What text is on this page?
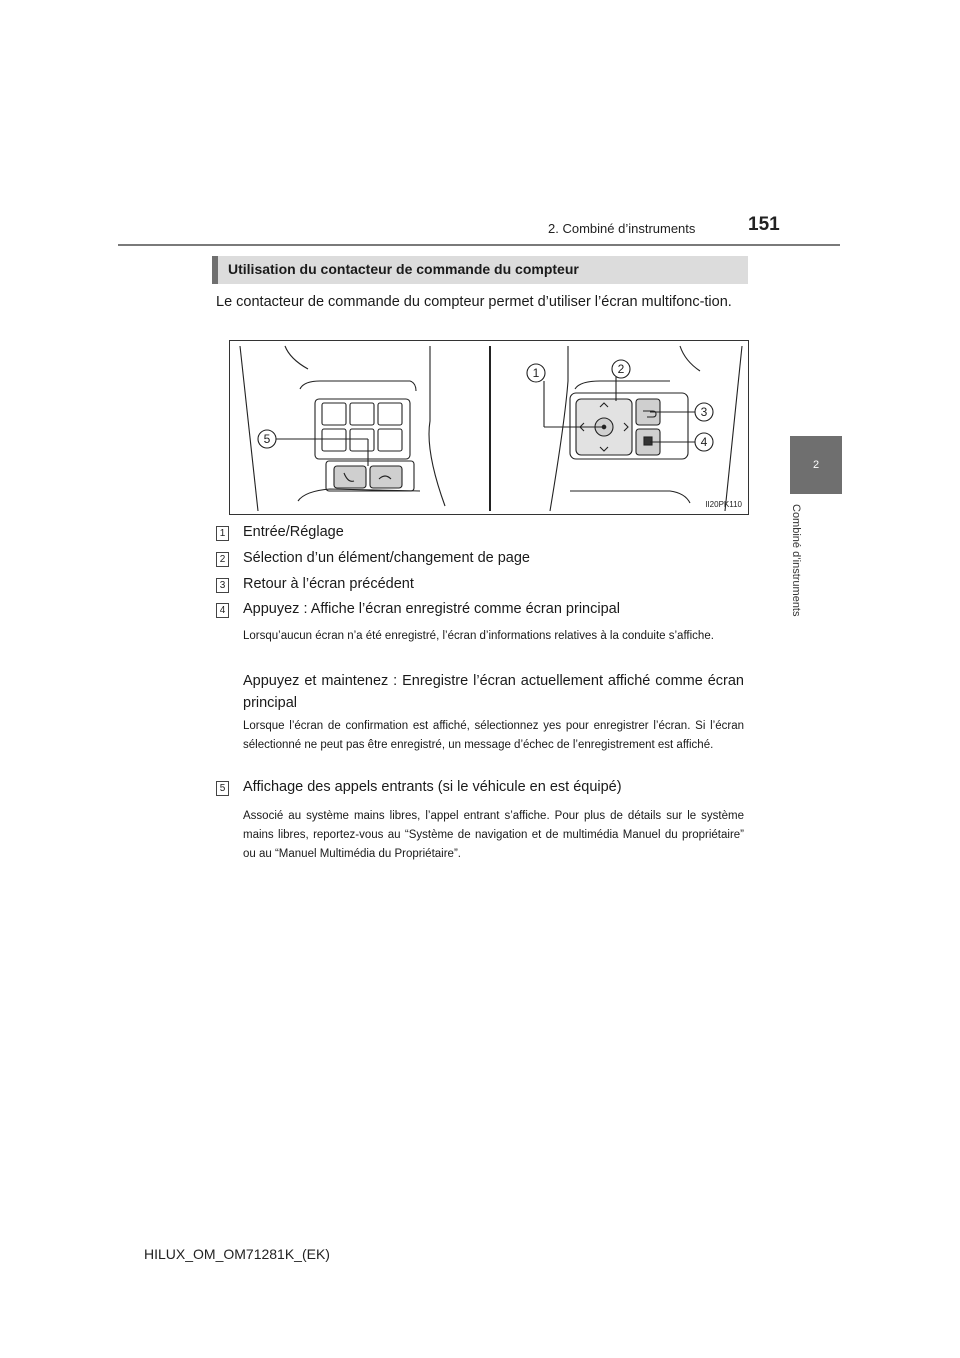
2. Combiné d’instruments	151
2
Combiné d’instruments
Utilisation du contacteur de commande du compteur
Le contacteur de commande du compteur permet d’utiliser l’écran multifonc-tion.
1	2
3
4
5
II20PK110
1 Entrée/Réglage
2 Sélection d’un élément/changement de page
3 Retour à l’écran précédent
4 Appuyez : Affiche l’écran enregistré comme écran principal
Lorsqu’aucun écran n’a été enregistré, l’écran d’informations relatives à la conduite s’affiche.
Appuyez et maintenez : Enregistre l’écran actuellement affiché comme écran principal
Lorsque l’écran de confirmation est affiché, sélectionnez yes pour enregistrer l’écran. Si l’écran sélectionné ne peut pas être enregistré, un message d’échec de l’enregistrement est affiché.
5 Affichage des appels entrants (si le véhicule en est équipé)
Associé au système mains libres, l’appel entrant s’affiche. Pour plus de détails sur le système mains libres, reportez-vous au “Système de navigation et de multimédia Manuel du propriétaire” ou au “Manuel Multimédia du Propriétaire”.
HILUX_OM_OM71281K_(EK)
